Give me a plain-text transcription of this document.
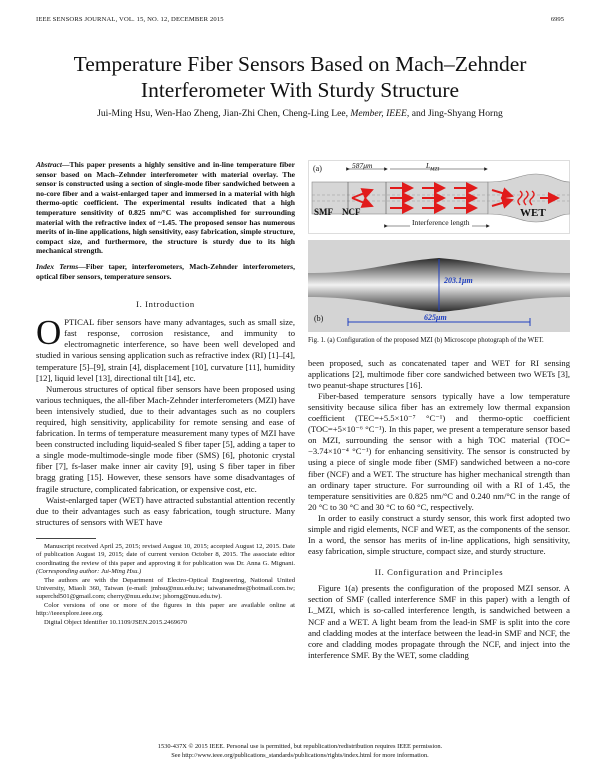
IEEE SENSORS JOURNAL, VOL. 15, NO. 12, DECEMBER 2015	6995
Temperature Fiber Sensors Based on Mach–Zehnder Interferometer With Sturdy Structure
Jui-Ming Hsu, Wen-Hao Zheng, Jian-Zhi Chen, Cheng-Ling Lee, Member, IEEE, and Jing-Shyang Horng

Abstract—This paper presents a highly sensitive and in-line temperature fiber sensor based on Mach–Zehnder interferometer with material overlay. The sensor is constructed using a section of single-mode fiber sandwiched between a no-core fiber and a waist-enlarged taper and immersed in a material with high thermo-optic coefficient. The experimental results indicated that a high temperature sensitivity of 0.825 nm/°C was accomplished for surrounding material with the refractive index of ~1.45. The proposed sensor has numerous merits of in-line applications, high sensitivity, easy fabrication, simple structure, compact size, and furthermore, the structure is sturdy due to its high mechanical strength.

Index Terms—Fiber taper, interferometers, Mach-Zehnder interferometers, optical fiber sensors, temperature sensors.

I. Introduction

OPTICAL fiber sensors have many advantages, such as small size, fast response, corrosion resistance, and immunity to electromagnetic interference, so have been well developed and studied in various sensing application such as refractive index (RI) [1]–[4], temperature [5]–[9], strain [4], displacement [10], curvature [11], humidity [12], liquid level [13], directional tilt [14], etc.

Numerous structures of optical fiber sensors have been proposed using various techniques, the all-fiber Mach-Zehnder interferometers (MZI) have been intensively studied, due to their advantages such as no couplers required, high sensitivity, applicability for remote sensing and ease of fabrication. In terms of temperature measurement many types of MZI have been constructed including liquid-sealed S fiber taper [5], adding a taper to a single mode-multimode-single mode fiber (SMS) [6], photonic crystal fiber [7], fs-laser make inner air cavity [9], using S fiber taper in fiber bragg grating [15]. However, these sensors have some disadvantages of fragile structure, complicated fabrication, or expensive cost, etc.

Waist-enlarged taper (WET) have attracted substantial attention recently due to their advantages such as easy fabrication, tough structure. Many structures of sensors with WET have

Manuscript received April 25, 2015; revised August 10, 2015; accepted August 12, 2015. Date of publication August 19, 2015; date of current version October 8, 2015. The associate editor coordinating the review of this paper and approving it for publication was Dr. Anna G. Mignani. (Corresponding author: Jui-Ming Hsu.)

The authors are with the Department of Electro-Optical Engineering, National United University, Miaoli 360, Taiwan (e-mail: jmhsu@nuu.edu.tw; taiwananedme@hotmail.com.tw; superchd501@gmail.com; cherry@nuu.edu.tw; jshorng@nuu.edu.tw).

Color versions of one or more of the figures in this paper are available online at http://ieeexplore.ieee.org.

Digital Object Identifier 10.1109/JSEN.2015.2469670

(a)	587μm	$L_{MZI}$
SMF NCF	WET
Interference length
203.1μm
625μm
(b)

Fig. 1. (a) Configuration of the proposed MZI (b) Microscope photograph of the WET.

been proposed, such as concatenated taper and WET for RI sensing applications [2], multimode fiber core sandwiched between two WETs [3], two peanut-shape structures [16].

Fiber-based temperature sensors typically have a low temperature sensitivity because silica fiber has an extremely low thermal expansion coefficient (TEC=+5.5×10⁻⁷ °C⁻¹) and thermo-optic coefficient (TOC=+5×10⁻⁶ °C⁻¹). In this paper, we present a temperature sensor based on MZI, surrounding the sensor with a high TOC material (TOC= −3.74×10⁻⁴ °C⁻¹) for enhancing sensitivity. The sensor is constructed by using a piece of single mode fiber (SMF) sandwiched between a no-core fiber (NCF) and a WET. The structure has higher mechanical strength than an ordinary taper structure. For surrounding oil with a RI of 1.45, the temperature sensitivities are 0.825 nm/°C and 0.240 nm/°C in the range of 20 °C to 30 °C and 30 °C to 60 °C, respectively.

In order to easily construct a sturdy sensor, this work first adopted two simple and rigid elements, NCF and WET, as the components of the sensor. In a word, the sensor has merits of in-line applications, high sensitivity, easy fabrication, simple structure, compact size, and sturdy structure.

II. Configuration and Principles

Figure 1(a) presents the configuration of the proposed MZI sensor. A section of SMF (called interference SMF in this paper) with a length of L_MZI, which is so-called interference length, is sandwiched between a NCF and a WET. A light beam from the lead-in SMF is split into the core and cladding modes at the interface between the lead-in SMF and NCF, the core and cladding modes propagate through the NCF, and inject into the interference SMF. By the WET, some cladding

1530-437X © 2015 IEEE. Personal use is permitted, but republication/redistribution requires IEEE permission.
See http://www.ieee.org/publications_standards/publications/rights/index.html for more information.
